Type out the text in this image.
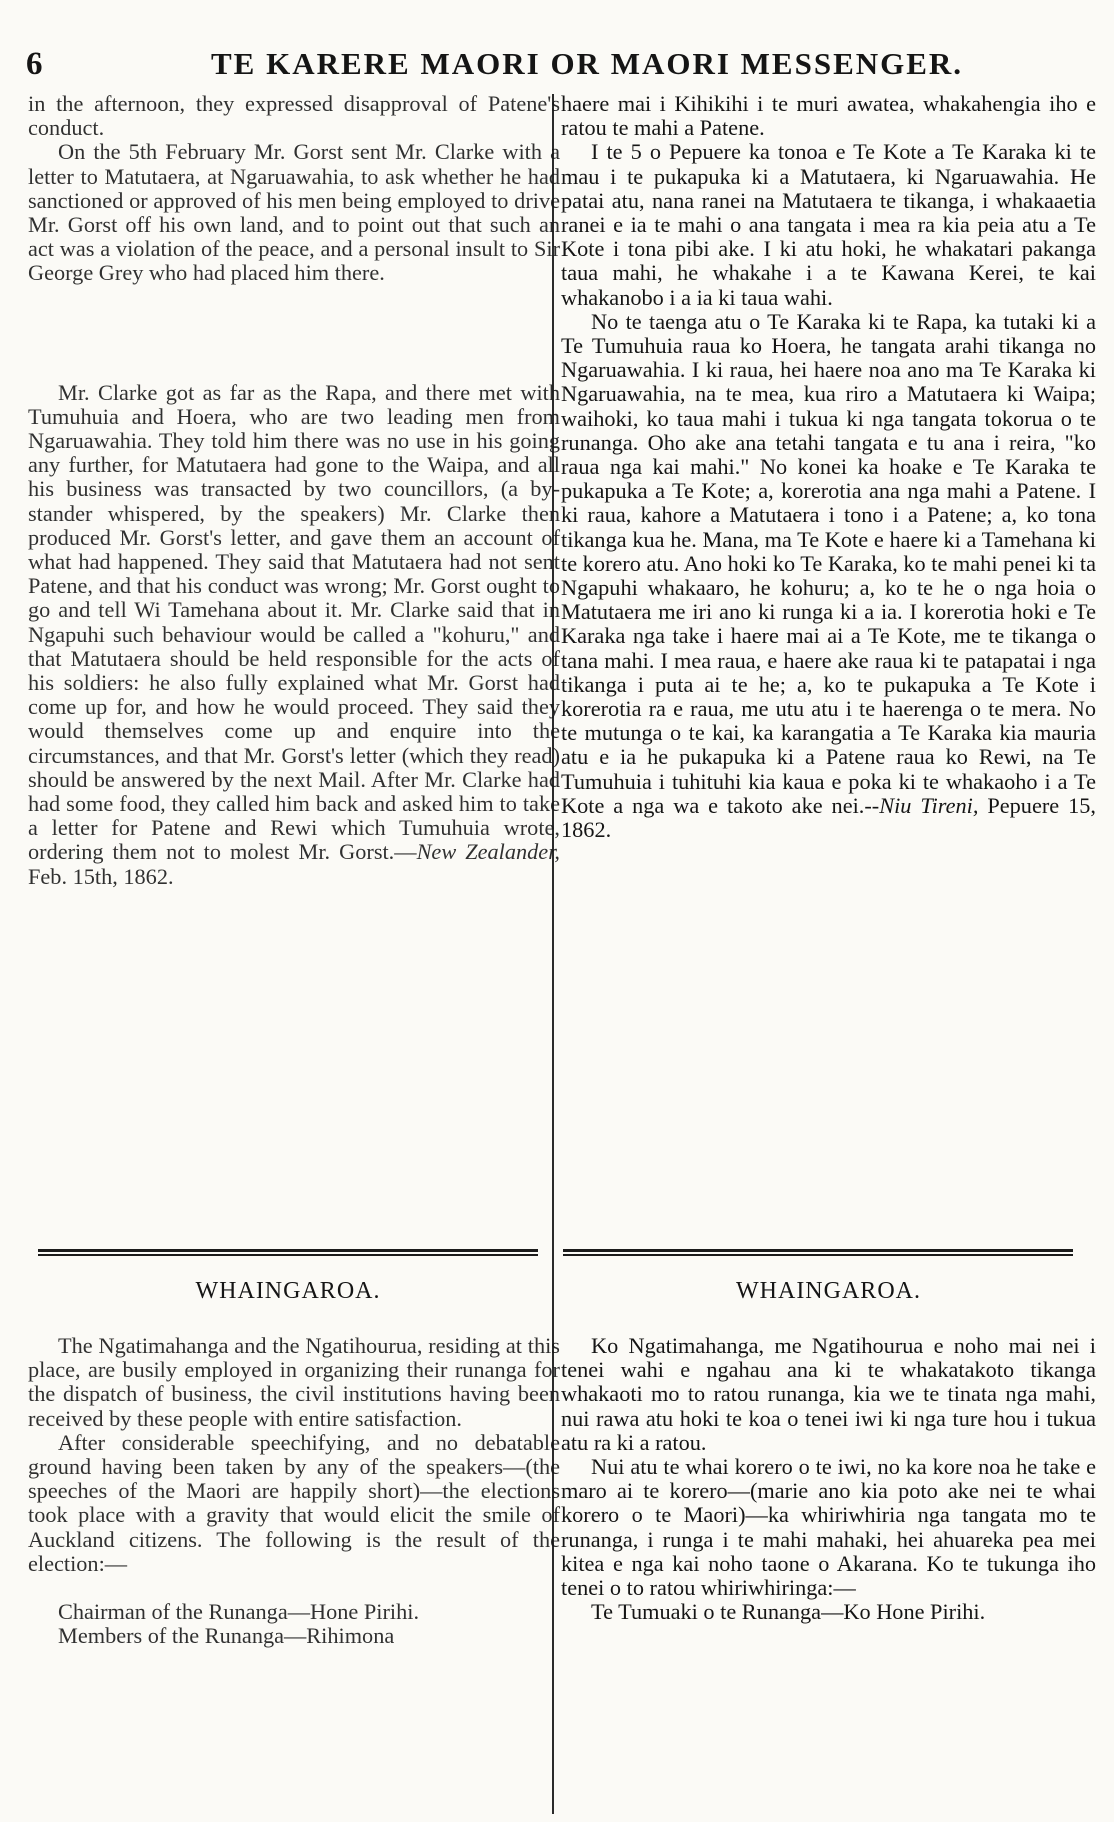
6	TE KARERE MAORI OR MAORI MESSENGER.

in the afternoon, they expressed disapproval of Patene's conduct.

On the 5th February Mr. Gorst sent Mr. Clarke with a letter to Matutaera, at Ngaruawahia, to ask whether he had sanctioned or approved of his men being employed to drive Mr. Gorst off his own land, and to point out that such an act was a violation of the peace, and a personal insult to Sir George Grey who had placed him there.

Mr. Clarke got as far as the Rapa, and there met with Tumuhuia and Hoera, who are two leading men from Ngaruawahia. They told him there was no use in his going any further, for Matutaera had gone to the Waipa, and all his business was transacted by two councillors, (a by-stander whispered, by the speakers) Mr. Clarke then produced Mr. Gorst's letter, and gave them an account of what had happened. They said that Matutaera had not sent Patene, and that his conduct was wrong; Mr. Gorst ought to go and tell Wi Tamehana about it. Mr. Clarke said that in Ngapuhi such behaviour would be called a "kohuru," and that Matutaera should be held responsible for the acts of his soldiers: he also fully explained what Mr. Gorst had come up for, and how he would proceed. They said they would themselves come up and enquire into the circumstances, and that Mr. Gorst's letter (which they read) should be answered by the next Mail. After Mr. Clarke had had some food, they called him back and asked him to take a letter for Patene and Rewi which Tumuhuia wrote, ordering them not to molest Mr. Gorst.—New Zealander, Feb. 15th, 1862.

haere mai i Kihikihi i te muri awatea, whakahengia iho e ratou te mahi a Patene.

I te 5 o Pepuere ka tonoa e Te Kote a Te Karaka ki te mau i te pukapuka ki a Matutaera, ki Ngaruawahia. He patai atu, nana ranei na Matutaera te tikanga, i whakaaetia ranei e ia te mahi o ana tangata i mea ra kia peia atu a Te Kote i tona pibi ake. I ki atu hoki, he whakatari pakanga taua mahi, he whakahe i a te Kawana Kerei, te kai whakanobo i a ia ki taua wahi.

No te taenga atu o Te Karaka ki te Rapa, ka tutaki ki a Te Tumuhuia raua ko Hoera, he tangata arahi tikanga no Ngaruawahia. I ki raua, hei haere noa ano ma Te Karaka ki Ngaruawahia, na te mea, kua riro a Matutaera ki Waipa; waihoki, ko taua mahi i tukua ki nga tangata tokorua o te runanga. Oho ake ana tetahi tangata e tu ana i reira, "ko raua nga kai mahi." No konei ka hoake e Te Karaka te pukapuka a Te Kote; a, korerotia ana nga mahi a Patene. I ki raua, kahore a Matutaera i tono i a Patene; a, ko tona tikanga kua he. Mana, ma Te Kote e haere ki a Tamehana ki te korero atu. Ano hoki ko Te Karaka, ko te mahi penei ki ta Ngapuhi whakaaro, he kohuru; a, ko te he o nga hoia o Matutaera me iri ano ki runga ki a ia. I korerotia hoki e Te Karaka nga take i haere mai ai a Te Kote, me te tikanga o tana mahi. I mea raua, e haere ake raua ki te patapatai i nga tikanga i puta ai te he; a, ko te pukapuka a Te Kote i korerotia ra e raua, me utu atu i te haerenga o te mera. No te mutunga o te kai, ka karangatia a Te Karaka kia mauria atu e ia he pukapuka ki a Patene raua ko Rewi, na Te Tumuhuia i tuhituhi kia kaua e poka ki te whakaoho i a Te Kote a nga wa e takoto ake nei.--Niu Tireni, Pepuere 15, 1862.

WHAINGAROA.	WHAINGAROA.

The Ngatimahanga and the Ngatihourua, residing at this place, are busily employed in organizing their runanga for the dispatch of business, the civil institutions having been received by these people with entire satisfaction.

After considerable speechifying, and no debatable ground having been taken by any of the speakers—(the speeches of the Maori are happily short)—the elections took place with a gravity that would elicit the smile of Auckland citizens. The following is the result of the election:—

Chairman of the Runanga—Hone Pirihi.

Members of the Runanga—Rihimona

Ko Ngatimahanga, me Ngatihourua e noho mai nei i tenei wahi e ngahau ana ki te whakatakoto tikanga whakaoti mo to ratou runanga, kia we te tinata nga mahi, nui rawa atu hoki te koa o tenei iwi ki nga ture hou i tukua atu ra ki a ratou.

Nui atu te whai korero o te iwi, no ka kore noa he take e maro ai te korero—(marie ano kia poto ake nei te whai korero o te Maori)—ka whiriwhiria nga tangata mo te runanga, i runga i te mahi mahaki, hei ahuareka pea mei kitea e nga kai noho taone o Akarana. Ko te tukunga iho tenei o to ratou whiriwhiringa:—

Te Tumuaki o te Runanga—Ko Hone Pirihi.
